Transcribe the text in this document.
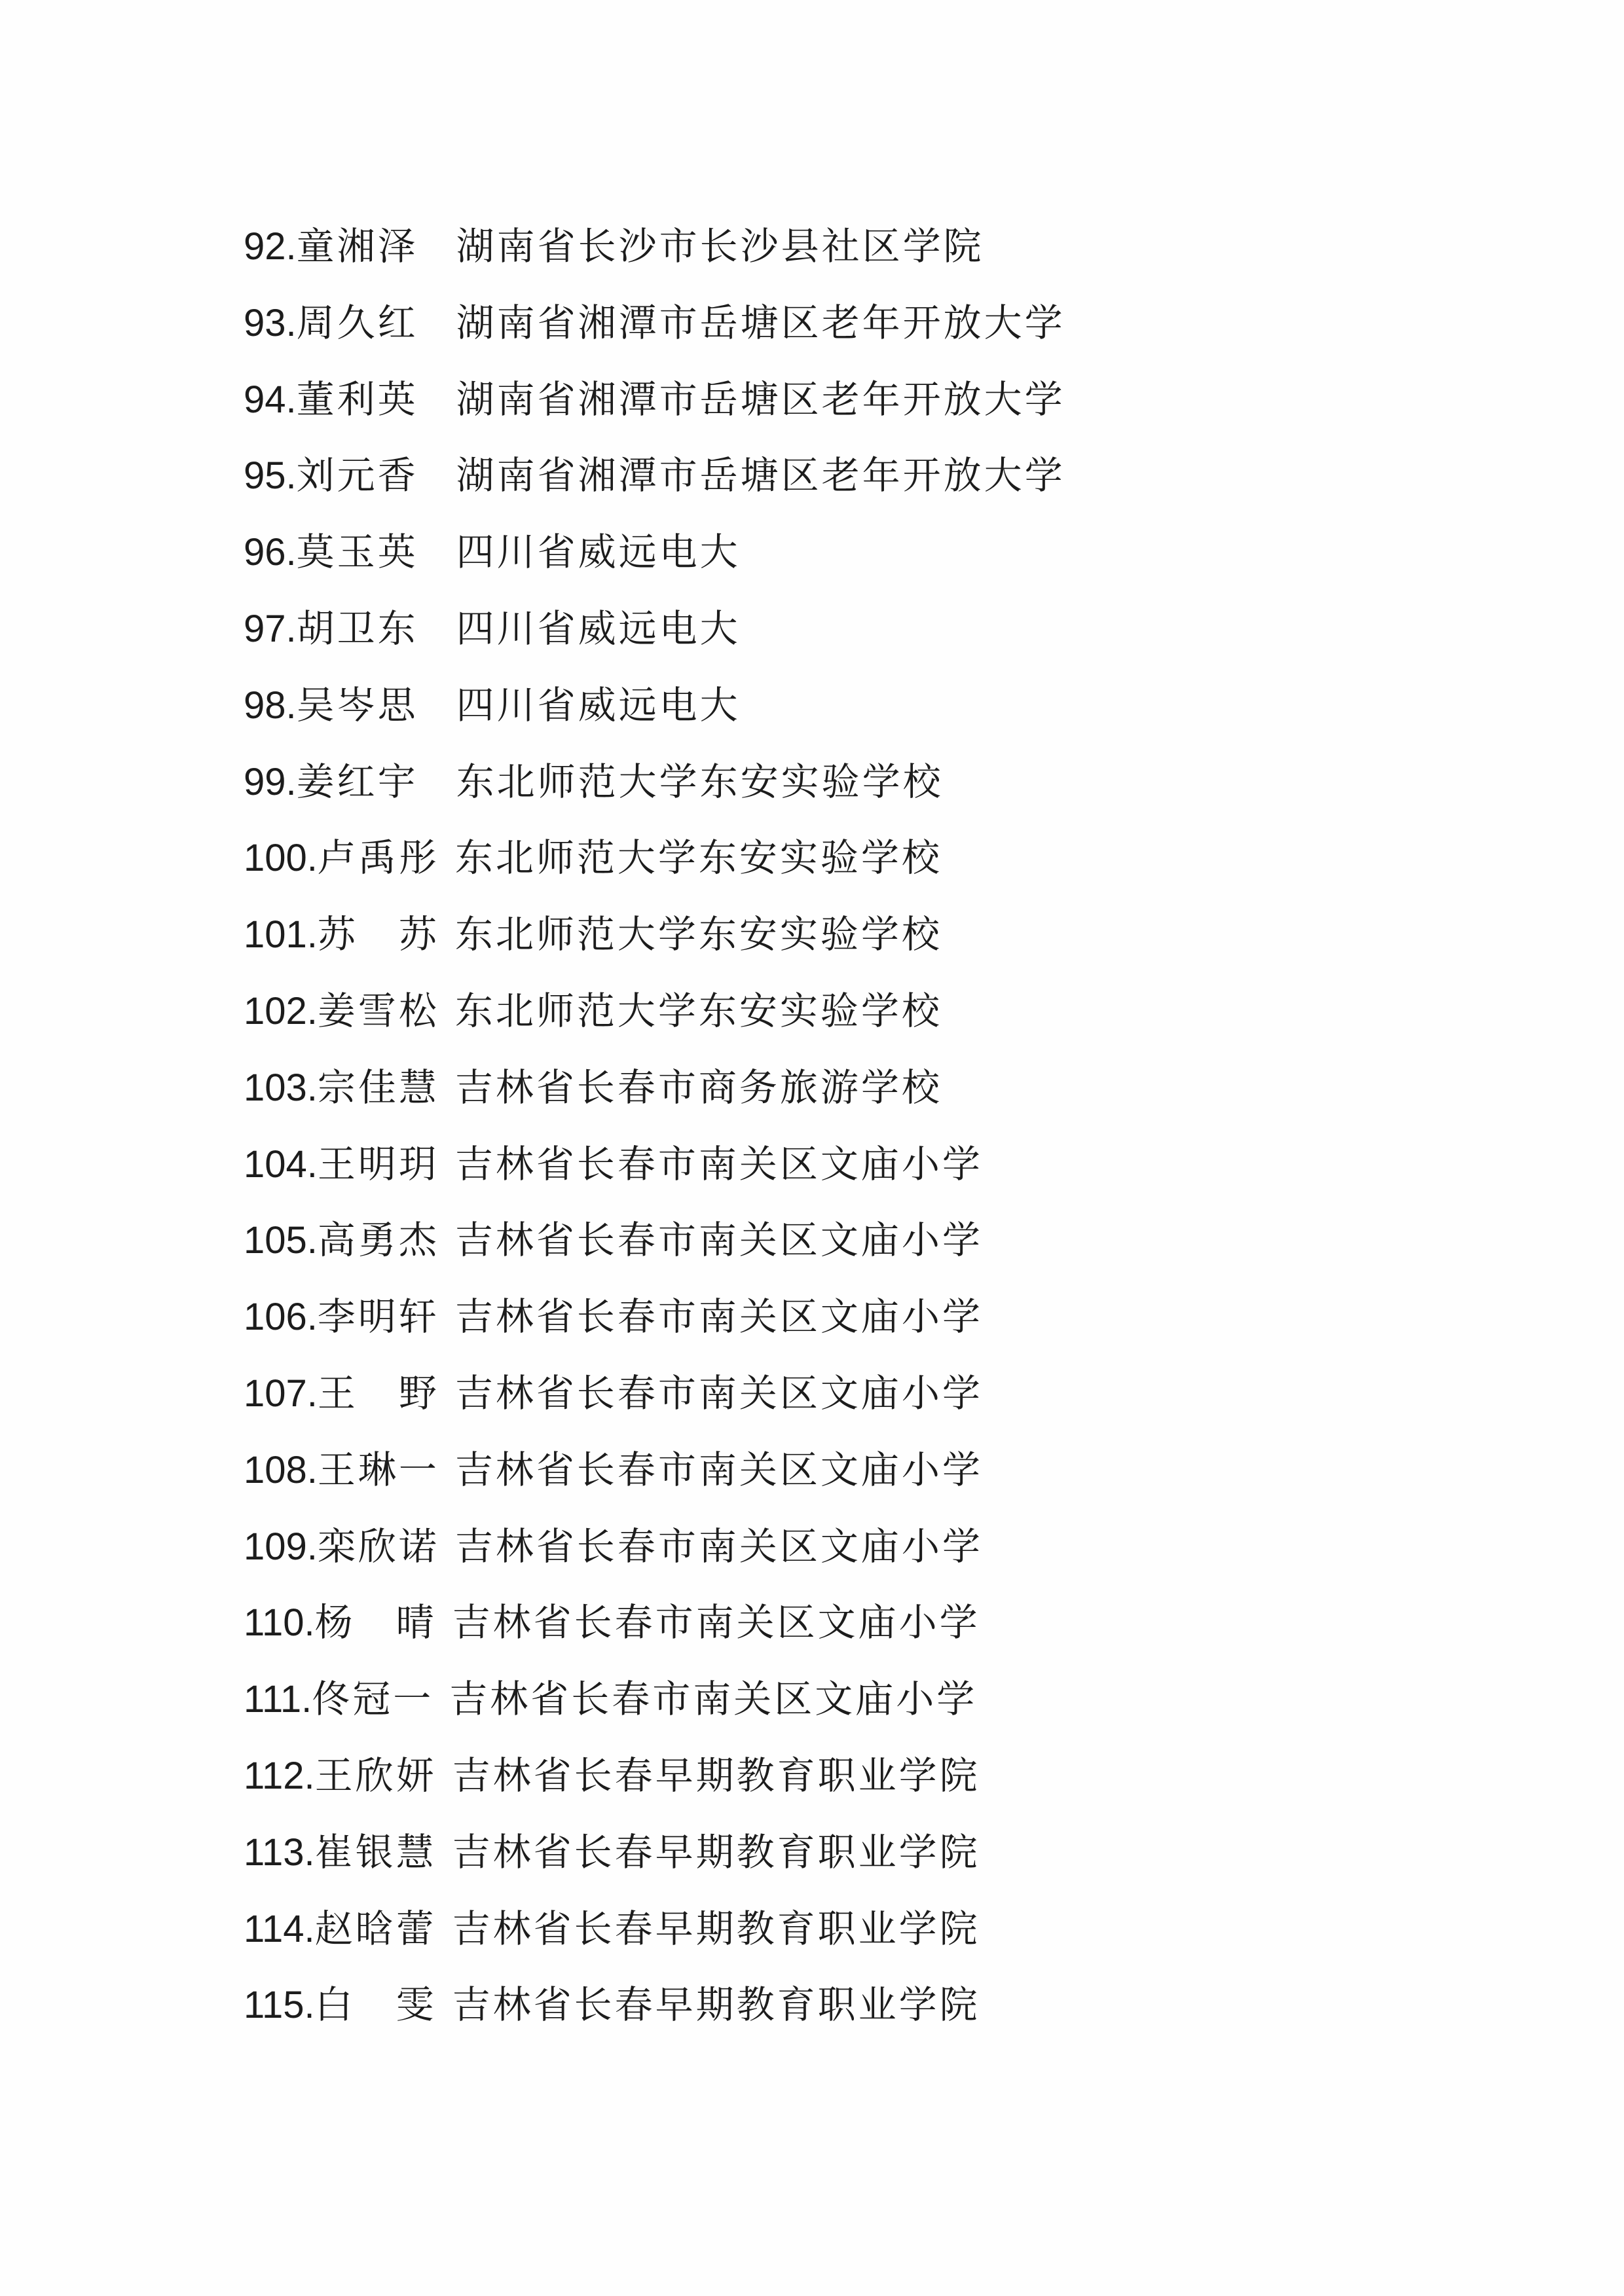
92. 童湘泽 湖南省长沙市长沙县社区学院
93. 周久红 湖南省湘潭市岳塘区老年开放大学
94. 董利英 湖南省湘潭市岳塘区老年开放大学
95. 刘元香 湖南省湘潭市岳塘区老年开放大学
96. 莫玉英 四川省威远电大
97. 胡卫东 四川省威远电大
98. 吴岑思 四川省威远电大
99. 姜红宇 东北师范大学东安实验学校
100. 卢禹彤 东北师范大学东安实验学校
101. 苏　苏 东北师范大学东安实验学校
102. 姜雪松 东北师范大学东安实验学校
103. 宗佳慧 吉林省长春市商务旅游学校
104. 王明玥 吉林省长春市南关区文庙小学
105. 高勇杰 吉林省长春市南关区文庙小学
106. 李明轩 吉林省长春市南关区文庙小学
107. 王　野 吉林省长春市南关区文庙小学
108. 王琳一 吉林省长春市南关区文庙小学
109. 栾欣诺 吉林省长春市南关区文庙小学
110. 杨　晴 吉林省长春市南关区文庙小学
111. 佟冠一 吉林省长春市南关区文庙小学
112. 王欣妍 吉林省长春早期教育职业学院
113. 崔银慧 吉林省长春早期教育职业学院
114. 赵晗蕾 吉林省长春早期教育职业学院
115. 白　雯 吉林省长春早期教育职业学院
